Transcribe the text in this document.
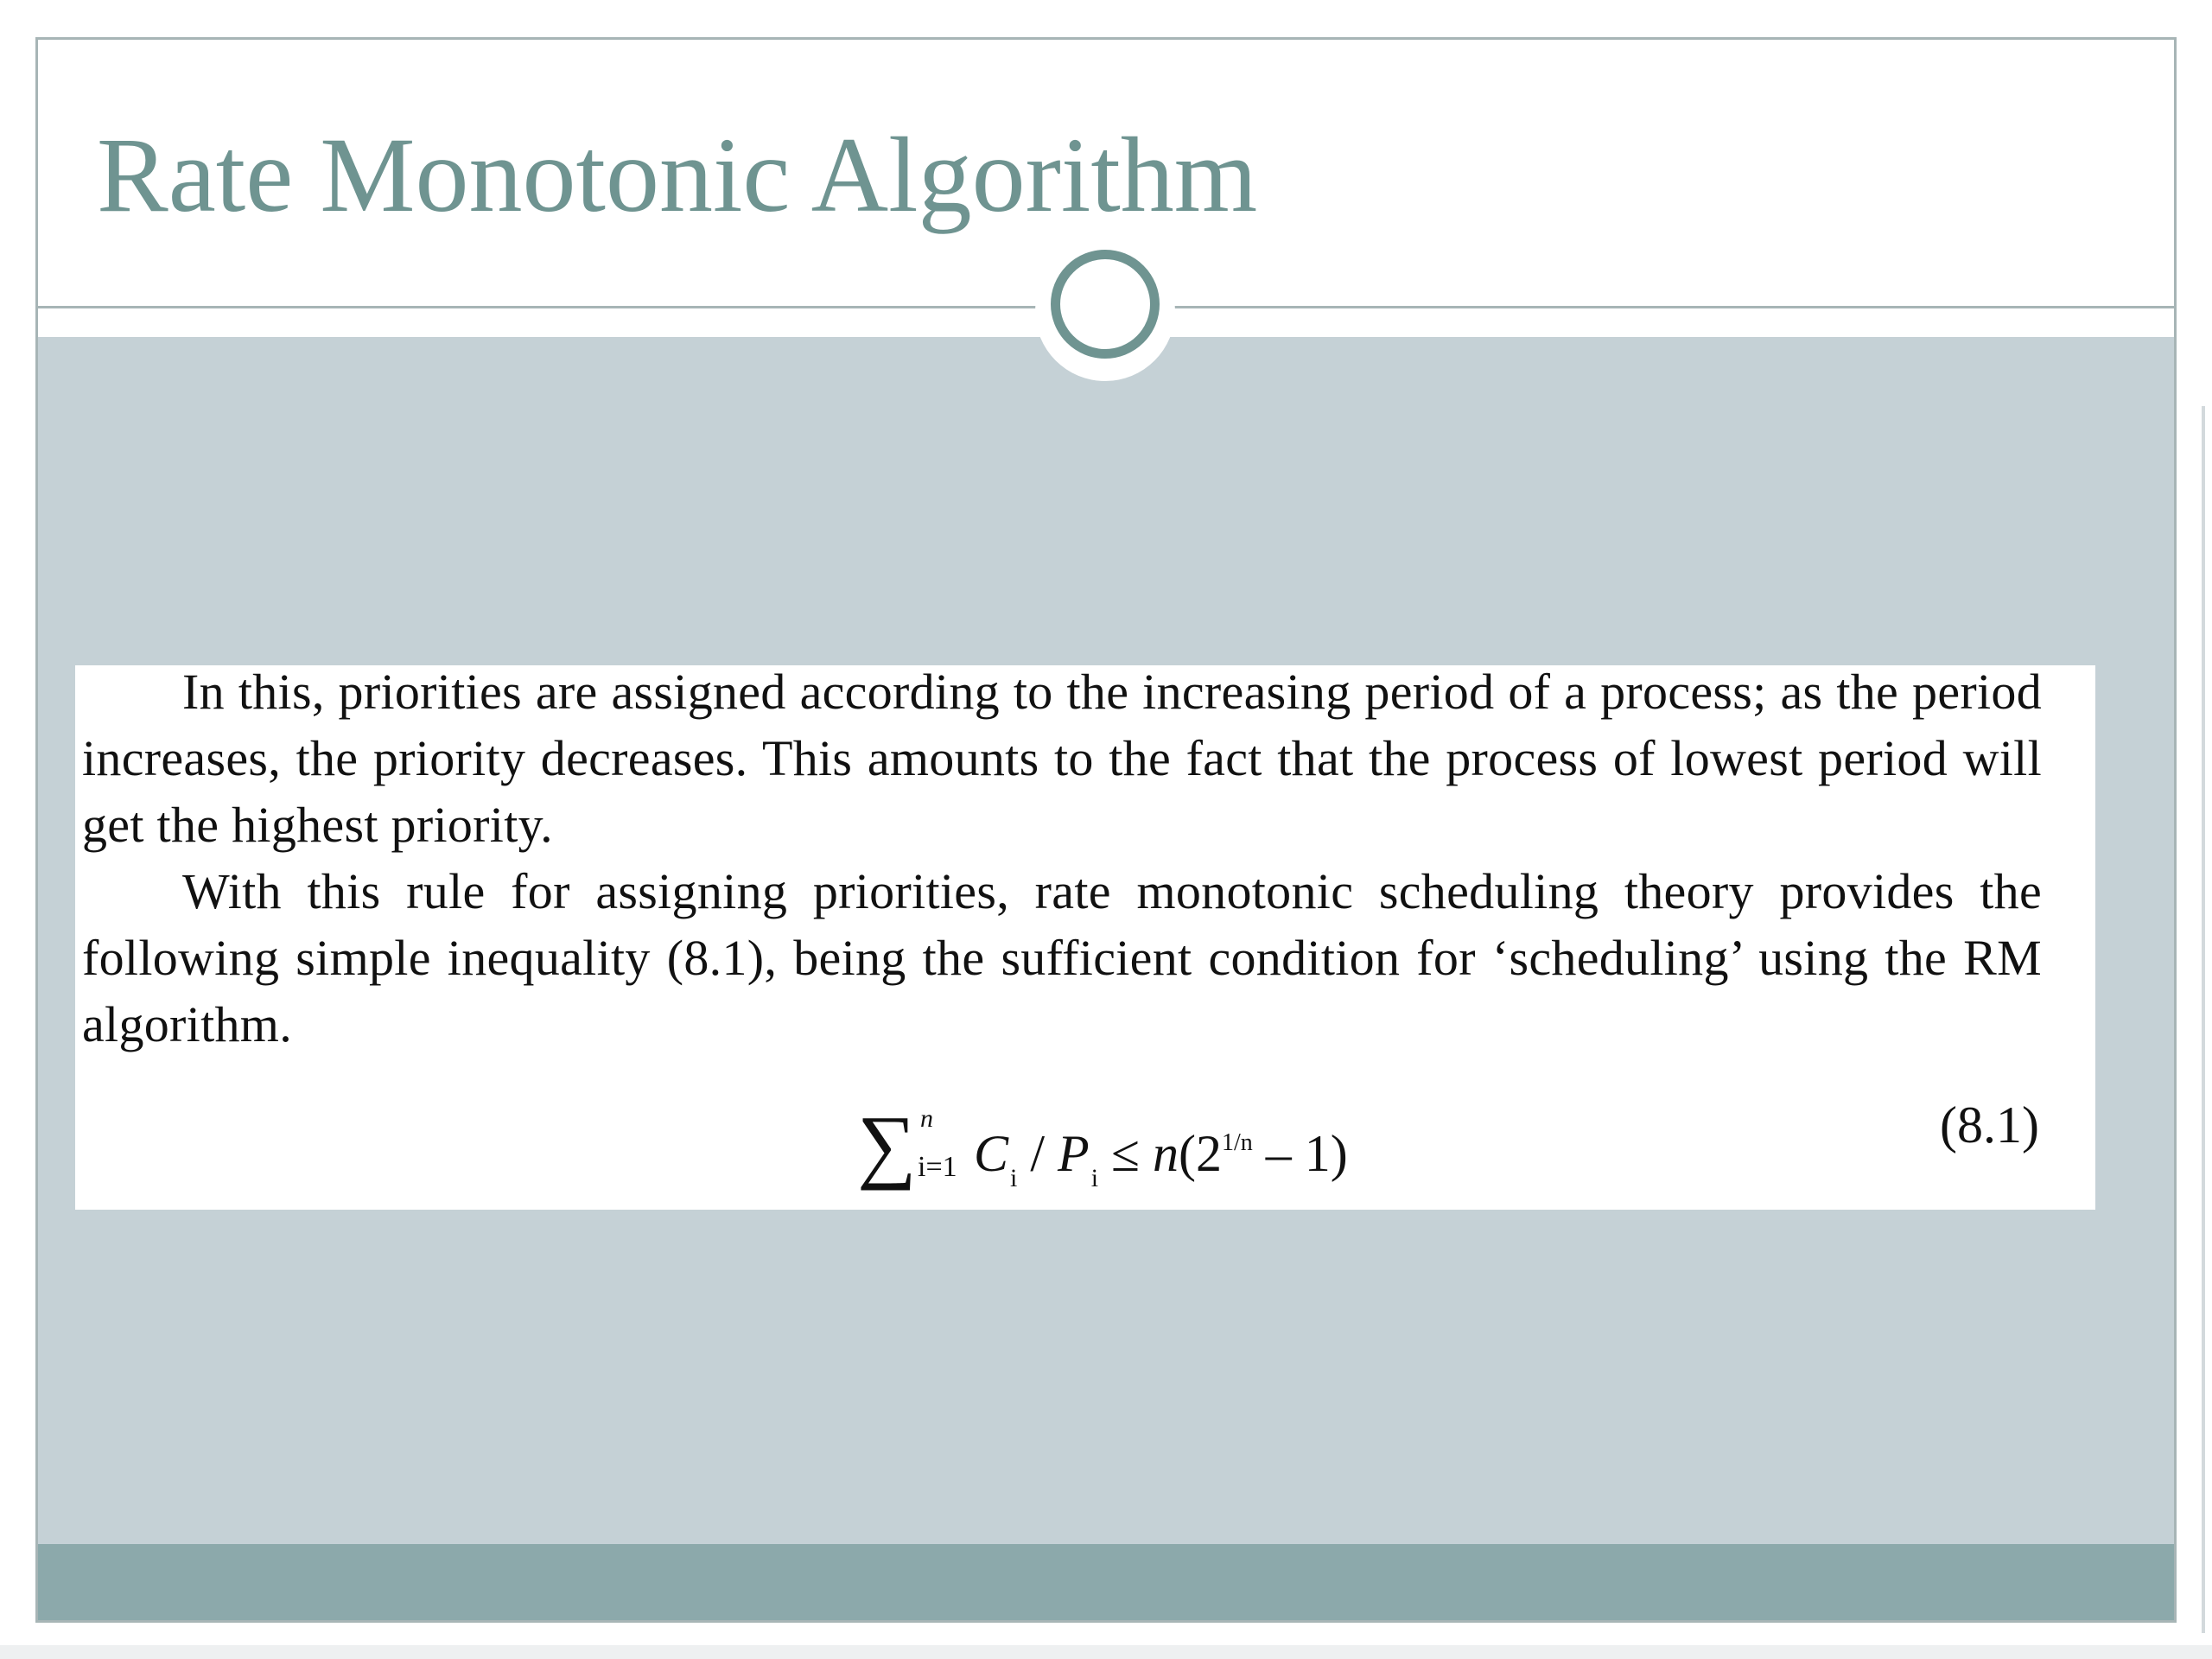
Rate Monotonic Algorithm

In this, priorities are assigned according to the increasing period of a process; as the period increases, the priority decreases. This amounts to the fact that the process of lowest period will get the highest priority.

With this rule for assigning priorities, rate monotonic scheduling theory provides the following simple inequality (8.1), being the sufficient condition for ‘scheduling’ using the RM algorithm.

∑ n
i=1 $C_i / P_i \le n(2^{1/n} - 1)$	(8.1)
